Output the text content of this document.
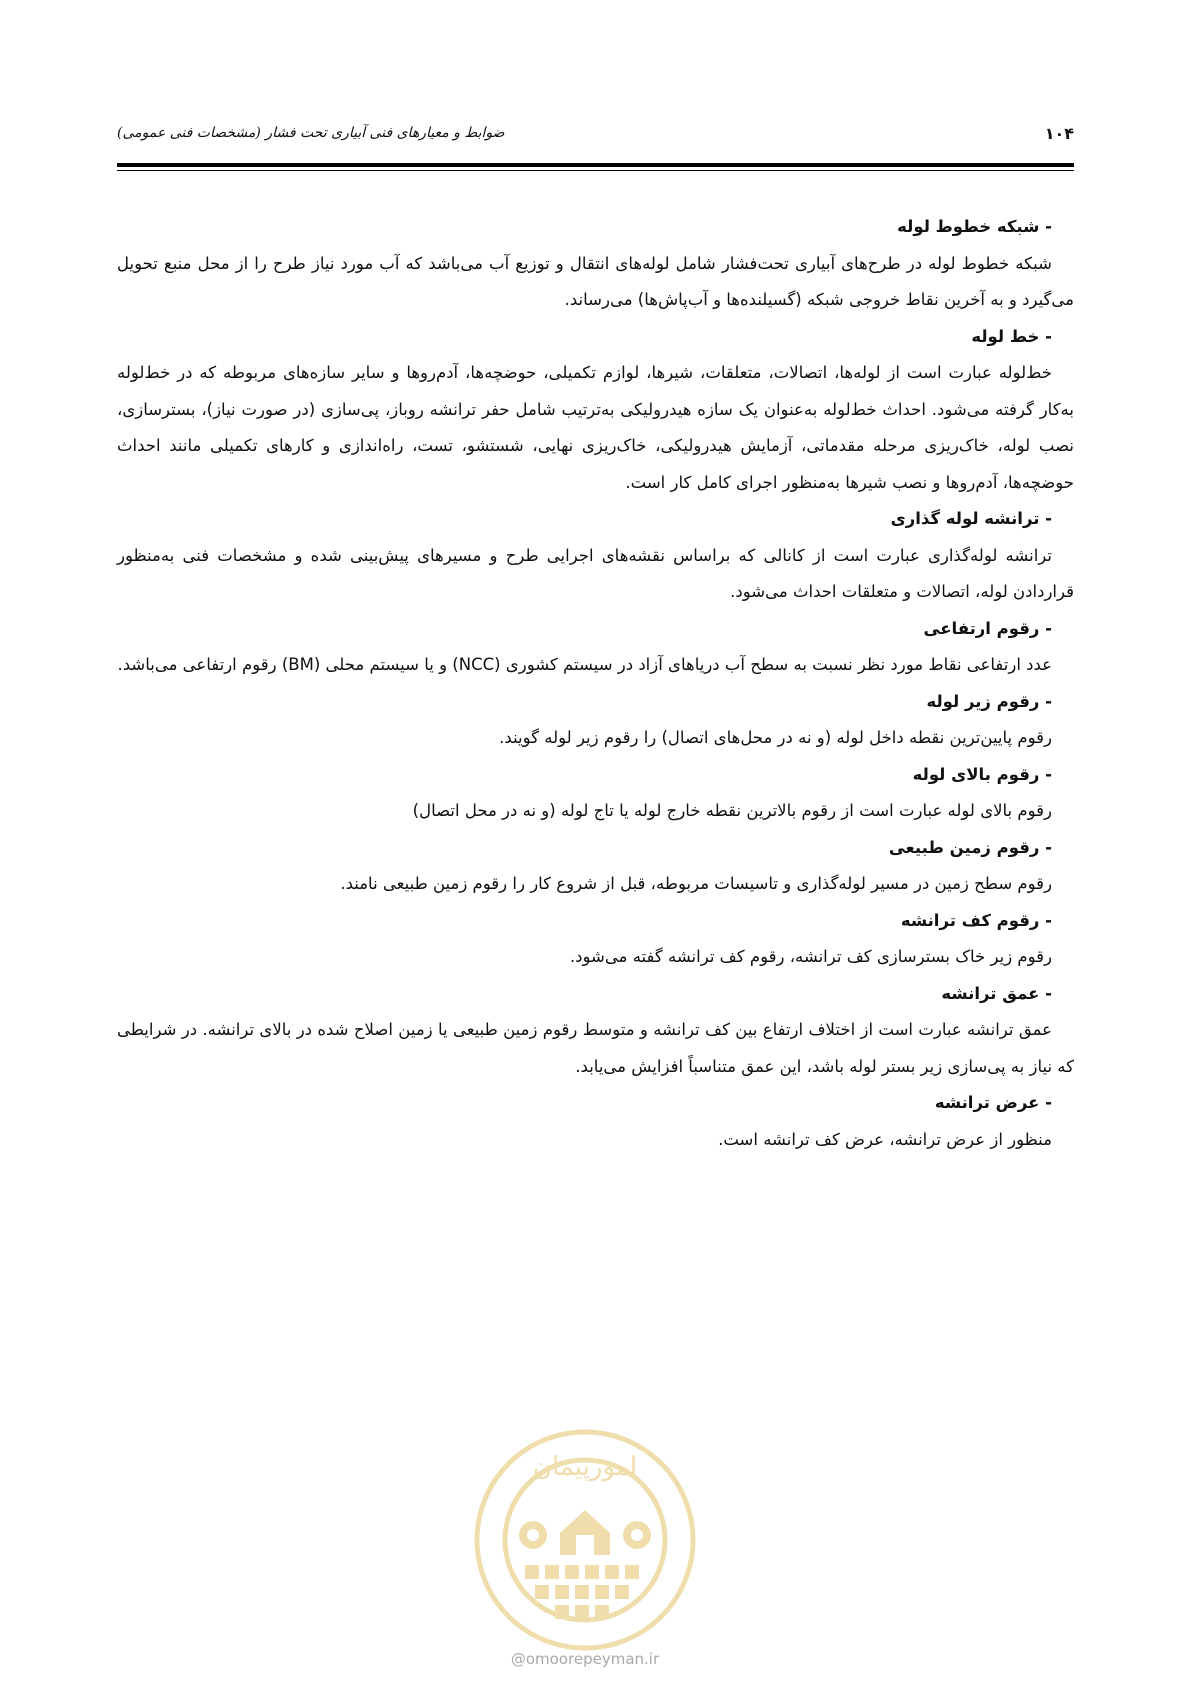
۱۰۴
ضوابط و معیارهای فنی آبیاری تحت فشار (مشخصات فنی عمومی)
- شبکه خطوط لوله

شبکه خطوط لوله در طرح‌های آبیاری تحت‌فشار شامل لوله‌های انتقال و توزیع آب می‌باشد که آب مورد نیاز طرح را از محل منبع تحویل می‌گیرد و به آخرین نقاط خروجی شبکه (گسیلنده‌ها و آب‌پاش‌ها) می‌رساند.

- خط لوله

خط‌لوله عبارت است از لوله‌ها، اتصالات، متعلقات، شیرها، لوازم تکمیلی، حوضچه‌ها، آدم‌روها و سایر سازه‌های مربوطه که در خط‌لوله به‌کار گرفته می‌شود. احداث خط‌لوله به‌عنوان یک سازه هیدرولیکی به‌ترتیب شامل حفر ترانشه روباز، پی‌سازی (در صورت نیاز)، بسترسازی، نصب لوله، خاک‌ریزی مرحله مقدماتی، آزمایش هیدرولیکی، خاک‌ریزی نهایی، شستشو، تست، راه‌اندازی و کارهای تکمیلی مانند احداث حوضچه‌ها، آدم‌روها و نصب شیرها به‌منظور اجرای کامل کار است.

- ترانشه لوله گذاری

ترانشه لوله‌گذاری عبارت است از کانالی که براساس نقشه‌های اجرایی طرح و مسیرهای پیش‌بینی شده و مشخصات فنی به‌منظور قراردادن لوله، اتصالات و متعلقات احداث می‌شود.

- رقوم ارتفاعی

عدد ارتفاعی نقاط مورد نظر نسبت به سطح آب دریاهای آزاد در سیستم کشوری (NCC) و یا سیستم محلی (BM) رقوم ارتفاعی می‌باشد.

- رقوم زیر لوله

رقوم پایین‌ترین نقطه داخل لوله (و نه در محل‌های اتصال) را رقوم زیر لوله گویند.

- رقوم بالای لوله

رقوم بالای لوله عبارت است از رقوم بالاترین نقطه خارج لوله یا تاج لوله (و نه در محل اتصال)

- رقوم زمین طبیعی

رقوم سطح زمین در مسیر لوله‌گذاری و تاسیسات مربوطه، قبل از شروع کار را رقوم زمین طبیعی نامند.

- رقوم کف ترانشه

رقوم زیر خاک بسترسازی کف ترانشه، رقوم کف ترانشه گفته می‌شود.

- عمق ترانشه

عمق ترانشه عبارت است از اختلاف ارتفاع بین کف ترانشه و متوسط رقوم زمین طبیعی یا زمین اصلاح شده در بالای ترانشه. در شرایطی که نیاز به پی‌سازی زیر بستر لوله باشد، این عمق متناسباً افزایش می‌یابد.

- عرض ترانشه

منظور از عرض ترانشه، عرض کف ترانشه است.

امورپیمان
@omoorepeyman.ir
